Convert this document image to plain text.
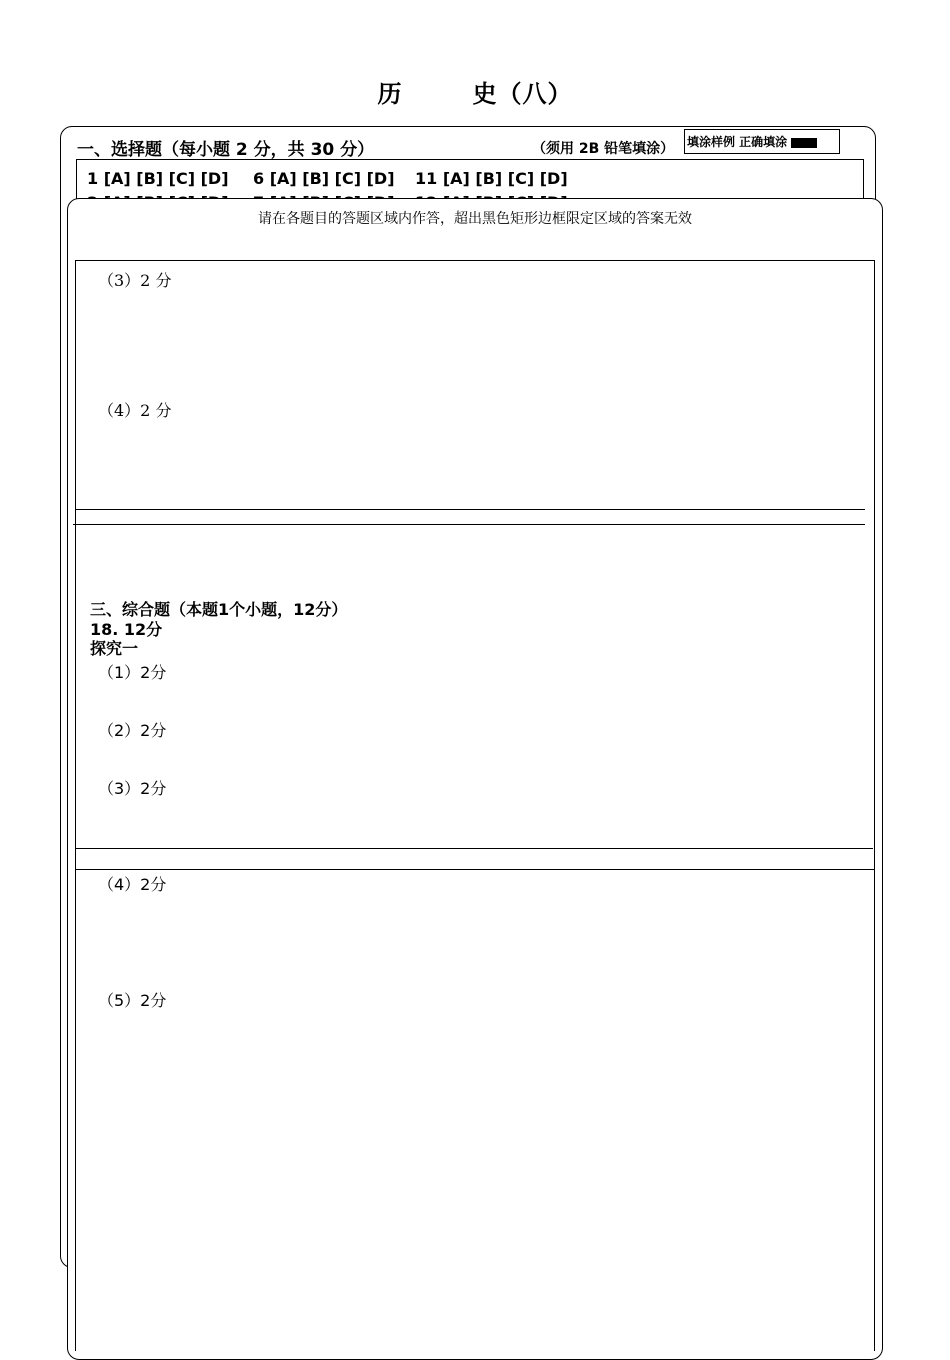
历	史（八）
一、选择题（每小题 2 分，共 30 分）	（须用 2B 铅笔填涂） 填涂样例 正确填涂
1 [A] [B] [C] [D] 6 [A] [B] [C] [D] 11 [A] [B] [C] [D]
请在各题目的答题区域内作答，超出黑色矩形边框限定区域的答案无效
（3）2 分
（4）2 分
三、综合题（本题1个小题，12分）
18. 12分
探究一
（1）2分
（2）2分
（3）2分
（4）2分
（5）2分
